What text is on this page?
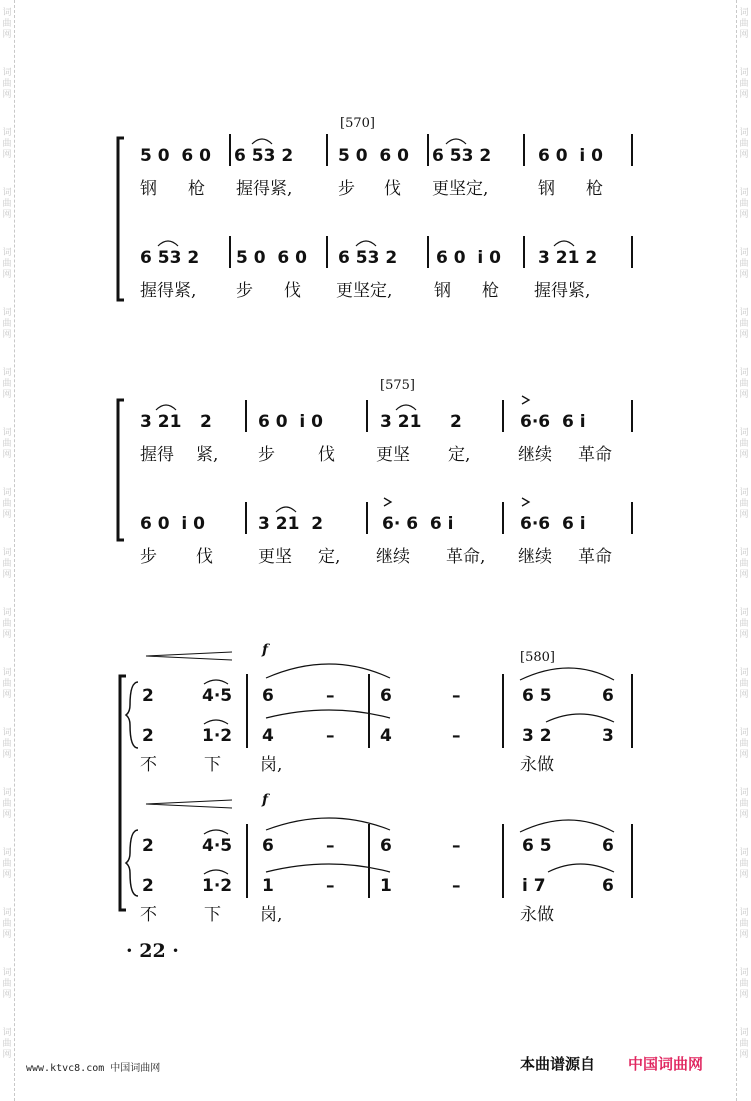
词
曲
网
词
曲
网
词
曲
网
词
曲
网
词
曲
网
词
曲
网
词
曲
网
词
曲
网
词
曲
网
词
曲
网
词
曲
网
词
曲
网
词
曲
网
词
曲
网
词
曲
网
词
曲
网
词
曲
网
词
曲
网
词
曲
网
词
曲
网
词
曲
网
词
曲
网
词
曲
网
词
曲
网
词
曲
网
词
曲
网
词
曲
网
词
曲
网
词
曲
网
词
曲
网
词
曲
网
词
曲
网
词
曲
网
词
曲
网
词
曲
网
词
曲
网
[570]
5 0  6 0 6 53 2	5 0  6 0 6 53 2	6 0  i 0
钢 枪 握得紧,	步 伐 更坚定,	钢 枪
6 53 2 5 0  6 0 6 53 2 6 0  i 0 3 21 2
握得紧, 步 伐 更坚定, 钢 枪 握得紧,
[575]
3 21 2	6 0  i 0	3 21 2	6·6  6 i
握得 紧, 步	伐 更坚 定,	继续 革命
6 0  i 0	3 21  2	6· 6  6 i	6·6  6 i
步 伐	更坚 定, 继续 革命, 继续 革命
f
f
[580]
2	4·5 6	–	6	–	6 5	6
2	1·2 4	–	4	–	3 2	3
不	下 岗,	永做
2	4·5 6	–	6	–	6 5	6
2	1·2 1	–	1	–	i 7	6
不	下 岗,	永做
· 22 ·
www.ktvc8.com 中国词曲网	本曲谱源自 中国词曲网
